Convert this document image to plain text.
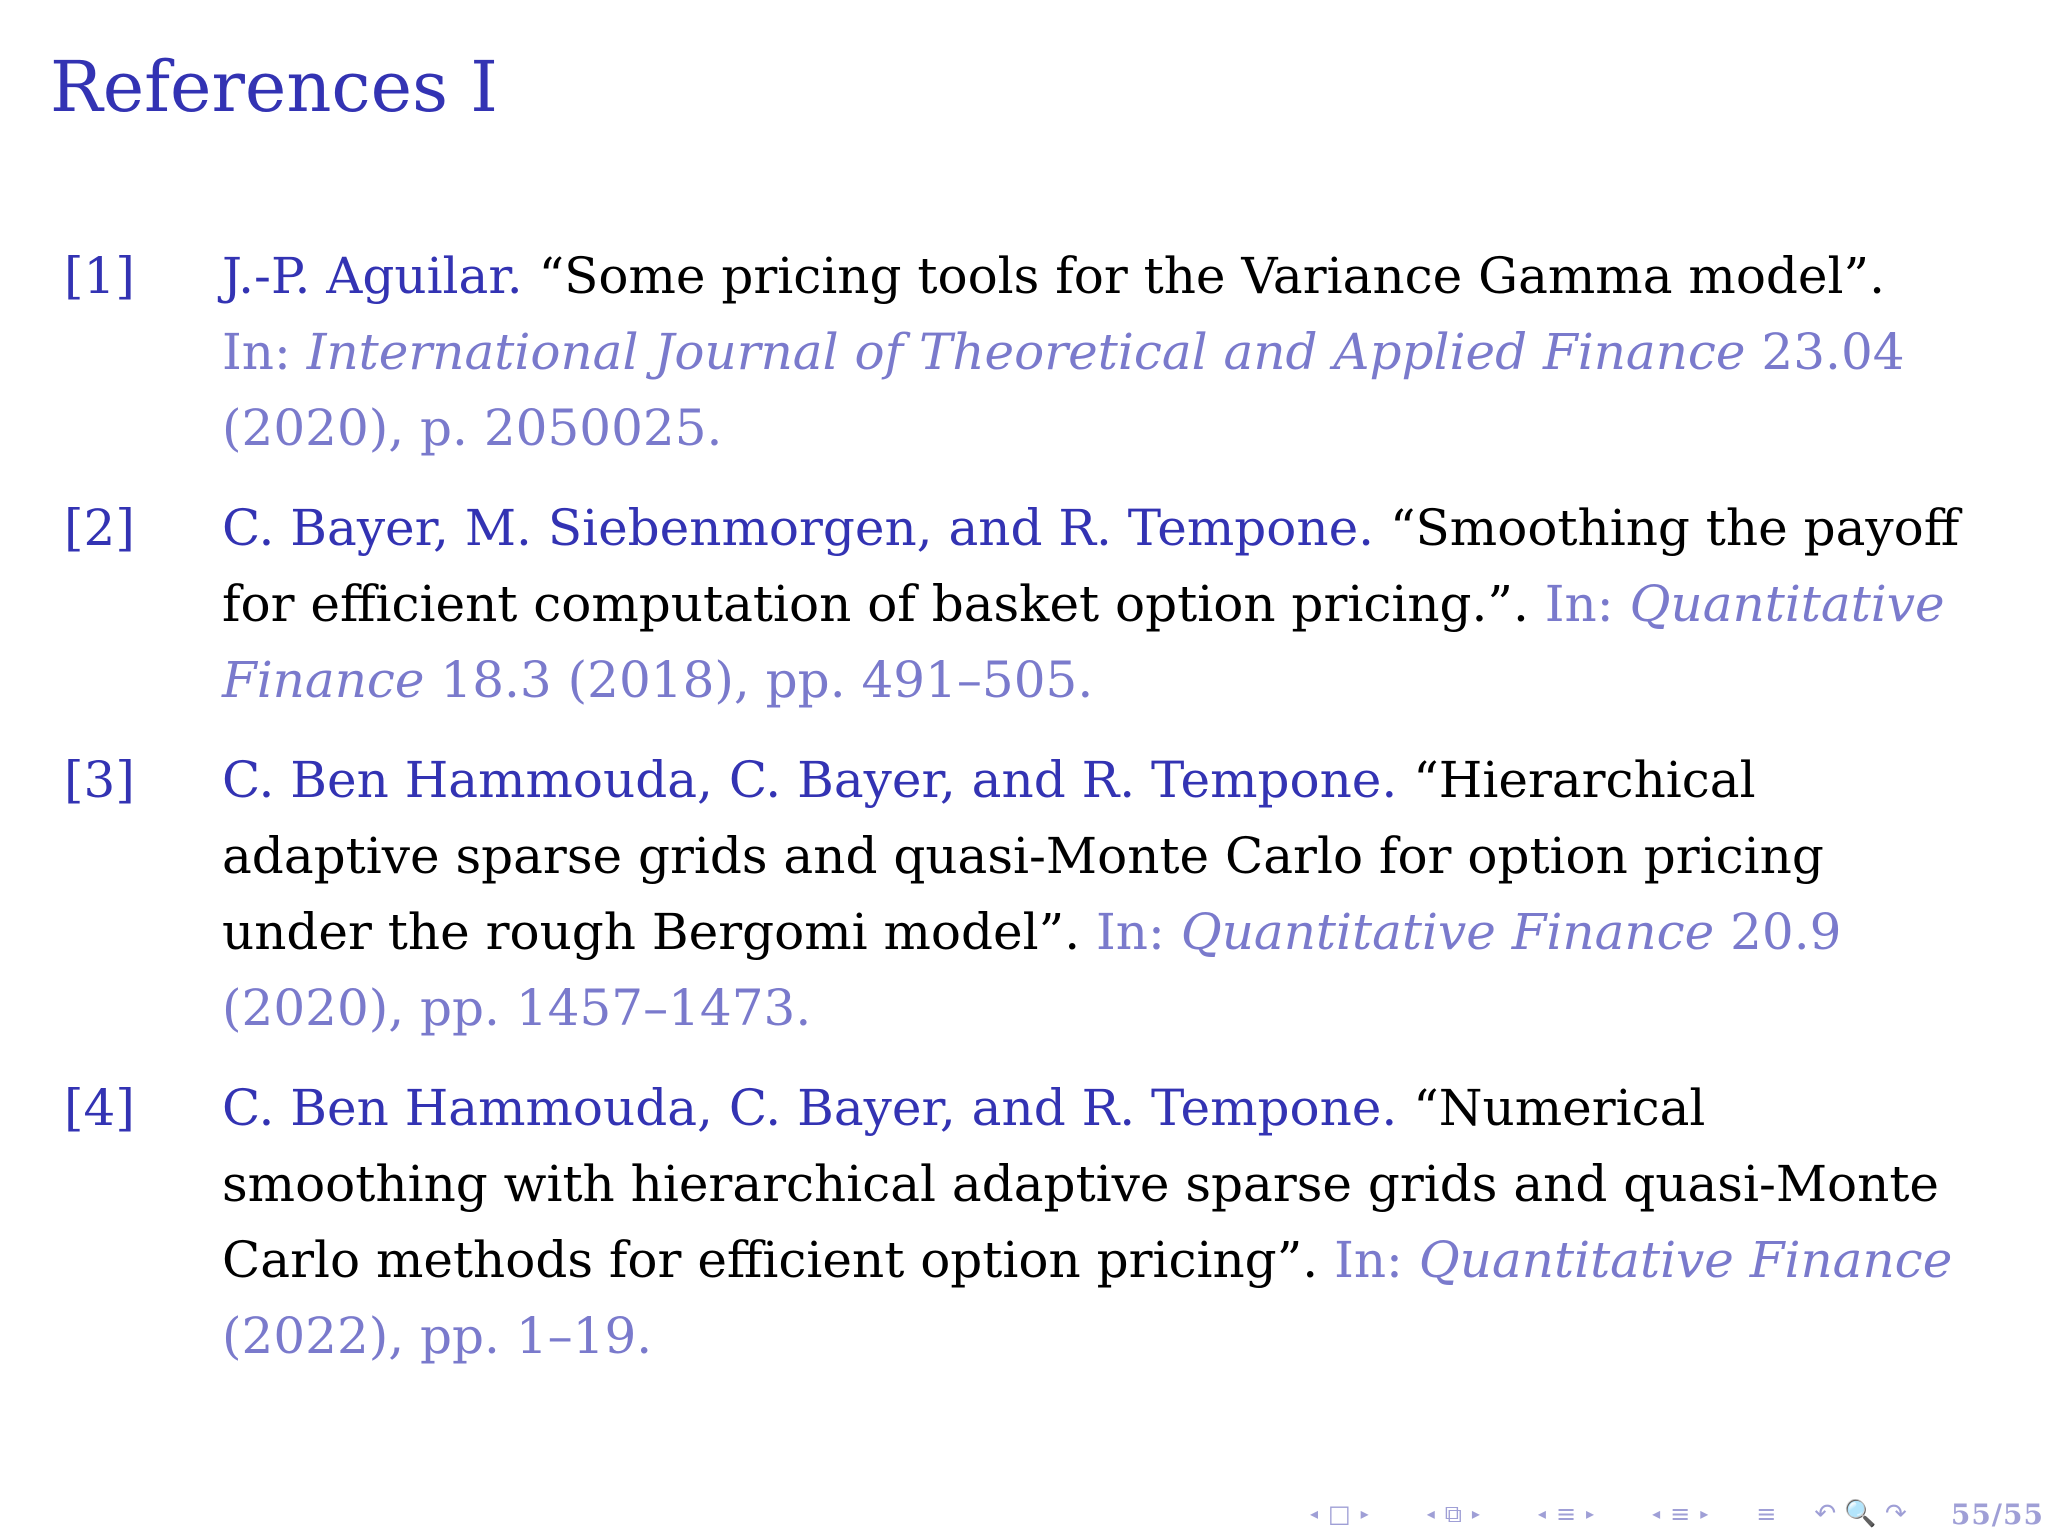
References I
[1] J.-P. Aguilar. “Some pricing tools for the Variance Gamma model”. In: International Journal of Theoretical and Applied Finance 23.04 (2020), p. 2050025.
[2] C. Bayer, M. Siebenmorgen, and R. Tempone. “Smoothing the payoff for efficient computation of basket option pricing.”. In: Quantitative Finance 18.3 (2018), pp. 491–505.
[3] C. Ben Hammouda, C. Bayer, and R. Tempone. “Hierarchical adaptive sparse grids and quasi-Monte Carlo for option pricing under the rough Bergomi model”. In: Quantitative Finance 20.9 (2020), pp. 1457–1473.
[4] C. Ben Hammouda, C. Bayer, and R. Tempone. “Numerical smoothing with hierarchical adaptive sparse grids and quasi-Monte Carlo methods for efficient option pricing”. In: Quantitative Finance (2022), pp. 1–19.
◂ □ ▸	◂ ⧉ ▸	◂ ≡ ▸	◂ ≡ ▸	≡ ↶ 🔍 ↷ 55/55
